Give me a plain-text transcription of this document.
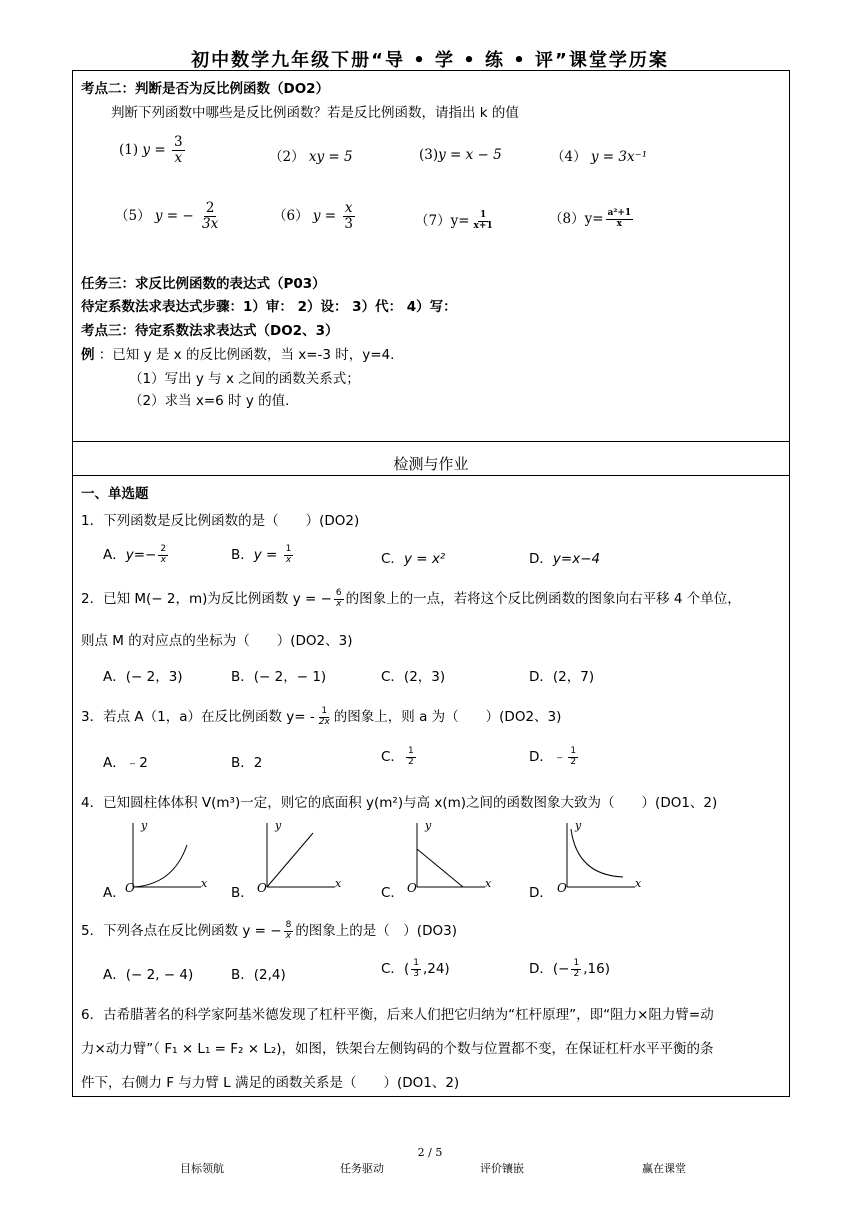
初中数学九年级下册“导 • 学 • 练 • 评”课堂学历案
考点二：判断是否为反比例函数（DO2）
判断下列函数中哪些是反比例函数？若是反比例函数，请指出 k 的值
(1) $y = \frac{3}{x}$	（2） xy = 5	(3)y = x − 5	（4） y = 3x⁻¹
（5） y = − $\frac{2}{3x}$	（6） $y = \frac{x}{3}$	$(7)y= \frac{1}{x+1}$	$(8)y= \frac{\text{a²+1}}{x}$
任务三：求反比例函数的表达式（P03）
待定系数法求表达式步骤：1）审： 2）设： 3）代： 4）写：
考点三：待定系数法求表达式（DO2、3）
例 ：已知 y 是 x 的反比例函数，当 x=-3 时，y=4.
（1）写出 y 与 x 之间的函数关系式；
（2）求当 x=6 时 y 的值.
检测与作业
一、单选题
1．下列函数是反比例函数的是（　　）(DO2)
A．$y=- \frac{2}{x}$	B．$y = \frac{1}{x}$	C．y = x²	D．y=x−4
2．已知 M(− 2，m)为反比例函数 y = − $\frac{6}{x}$ 的图象上的一点，若将这个反比例函数的图象向右平移 4 个单位，
则点 M 的对应点的坐标为（　　）(DO2、3)
A．(− 2，3)	B．(− 2，− 1)	C．(2，3)	D．(2，7)
3．若点 A（1，a）在反比例函数 $y= - \frac{1}{2x}$ 的图象上，则 a 为（　　）(DO2、3)
A．﹣2	B．2	C． $\frac{1}{2}$	D．﹣ $\frac{1}{2}$
4．已知圆柱体体积 V(m³)一定，则它的底面积 y(m²)与高 x(m)之间的函数图象大致为（　　）(DO1、2)
A．	B．	C．	D．
y
x
O
y
x
O
y
x
O
y
x
O
5．下列各点在反比例函数 y = − $\frac{8}{x}$ 的图象上的是（　）(DO3)
A．(− 2, − 4)	B．(2,4)	C．( $\frac{1}{3} ,24$)	D．(− $\frac{1}{2} ,16$)
6．古希腊著名的科学家阿基米德发现了杠杆平衡，后来人们把它归纳为“杠杆原理”，即“阻力×阻力臂=动
力×动力臂”（ F₁ × L₁ = F₂ × L₂)，如图，铁架台左侧钩码的个数与位置都不变，在保证杠杆水平平衡的条
件下，右侧力 F 与力臂 L 满足的函数关系是（　　）(DO1、2)
2 / 5
目标领航	任务驱动	评价镶嵌	赢在课堂
